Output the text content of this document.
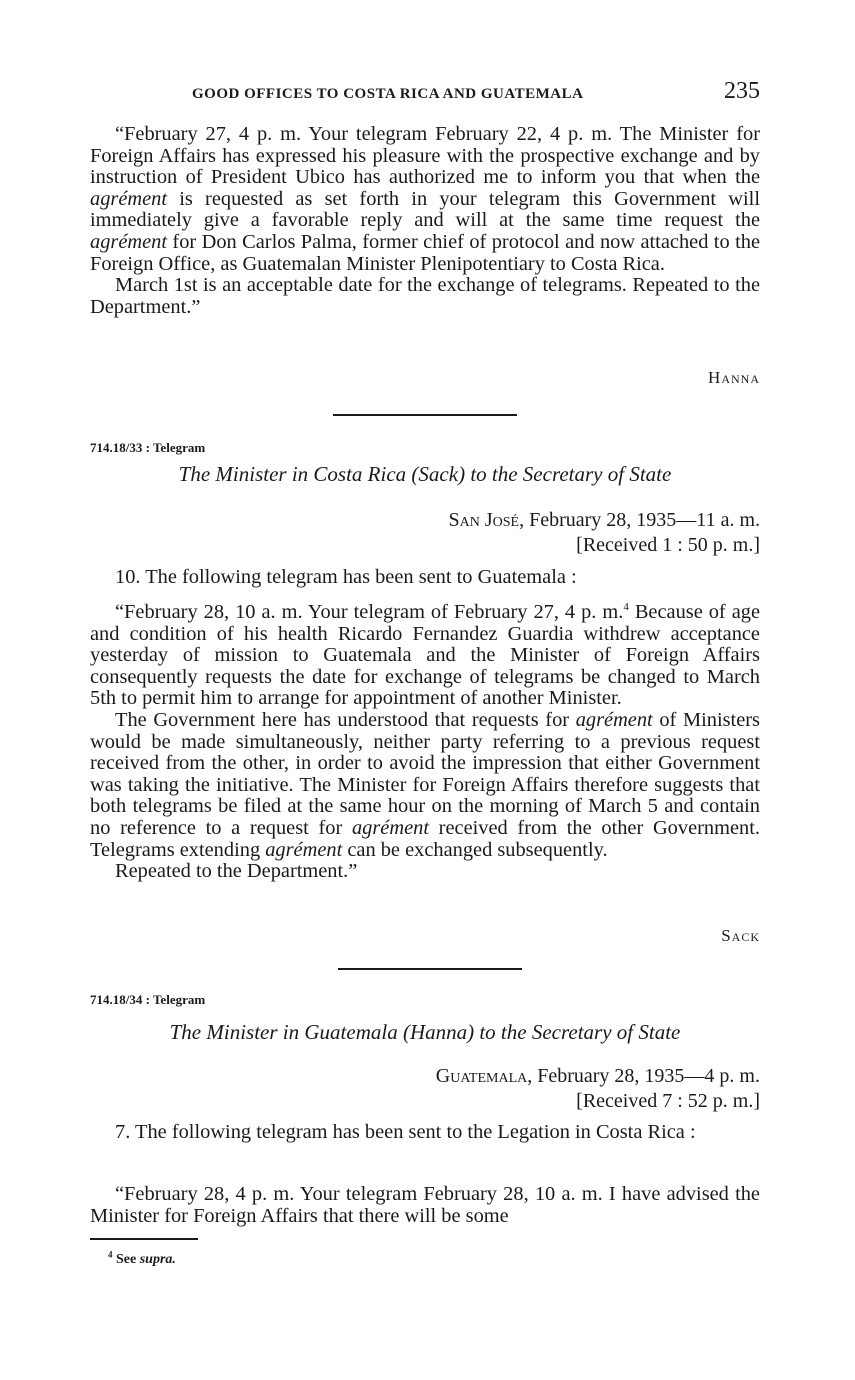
GOOD OFFICES TO COSTA RICA AND GUATEMALA	235

“February 27, 4 p. m. Your telegram February 22, 4 p. m. The Minister for Foreign Affairs has expressed his pleasure with the prospective exchange and by instruction of President Ubico has authorized me to inform you that when the agrément is requested as set forth in your telegram this Government will immediately give a favorable reply and will at the same time request the agrément for Don Carlos Palma, former chief of protocol and now attached to the Foreign Office, as Guatemalan Minister Plenipotentiary to Costa Rica.

March 1st is an acceptable date for the exchange of telegrams. Repeated to the Department.”

Hanna
714.18/33 : Telegram
The Minister in Costa Rica (Sack) to the Secretary of State
San José, February 28, 1935—11 a. m.
[Received 1 : 50 p. m.]

10. The following telegram has been sent to Guatemala :

“February 28, 10 a. m. Your telegram of February 27, 4 p. m.$^4$ Because of age and condition of his health Ricardo Fernandez Guardia withdrew acceptance yesterday of mission to Guatemala and the Minister of Foreign Affairs consequently requests the date for exchange of telegrams be changed to March 5th to permit him to arrange for appointment of another Minister.

The Government here has understood that requests for agrément of Ministers would be made simultaneously, neither party referring to a previous request received from the other, in order to avoid the impression that either Government was taking the initiative. The Minister for Foreign Affairs therefore suggests that both telegrams be filed at the same hour on the morning of March 5 and contain no reference to a request for agrément received from the other Government. Telegrams extending agrément can be exchanged subsequently.

Repeated to the Department.”

Sack
714.18/34 : Telegram
The Minister in Guatemala (Hanna) to the Secretary of State
Guatemala, February 28, 1935—4 p. m.
[Received 7 : 52 p. m.]

7. The following telegram has been sent to the Legation in Costa Rica :

“February 28, 4 p. m. Your telegram February 28, 10 a. m. I have advised the Minister for Foreign Affairs that there will be some

$^4$ See supra.
